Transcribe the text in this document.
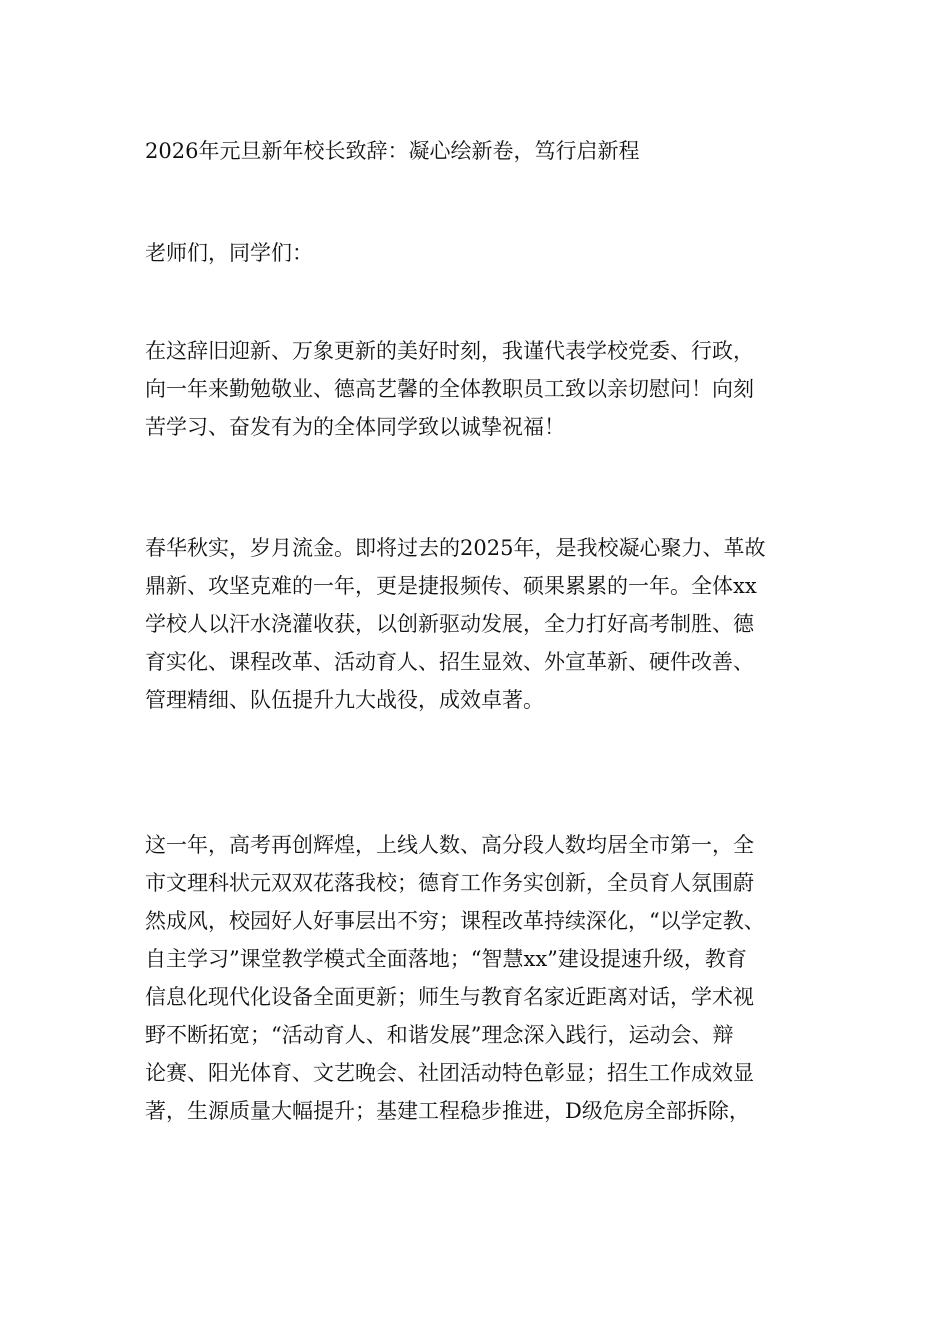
2026年元旦新年校长致辞：凝心绘新卷，笃行启新程
老师们，同学们：
在这辞旧迎新、万象更新的美好时刻，我谨代表学校党委、行政，
向一年来勤勉敬业、德高艺馨的全体教职员工致以亲切慰问！向刻
苦学习、奋发有为的全体同学致以诚挚祝福！
春华秋实，岁月流金。即将过去的2025年，是我校凝心聚力、革故
鼎新、攻坚克难的一年，更是捷报频传、硕果累累的一年。全体xx
学校人以汗水浇灌收获，以创新驱动发展，全力打好高考制胜、德
育实化、课程改革、活动育人、招生显效、外宣革新、硬件改善、
管理精细、队伍提升九大战役，成效卓著。
这一年，高考再创辉煌，上线人数、高分段人数均居全市第一，全
市文理科状元双双花落我校；德育工作务实创新，全员育人氛围蔚
然成风，校园好人好事层出不穷；课程改革持续深化，“以学定教、
自主学习”课堂教学模式全面落地；“智慧xx”建设提速升级，教育
信息化现代化设备全面更新；师生与教育名家近距离对话，学术视
野不断拓宽；“活动育人、和谐发展”理念深入践行，运动会、辩
论赛、阳光体育、文艺晚会、社团活动特色彰显；招生工作成效显
著，生源质量大幅提升；基建工程稳步推进，D级危房全部拆除，
